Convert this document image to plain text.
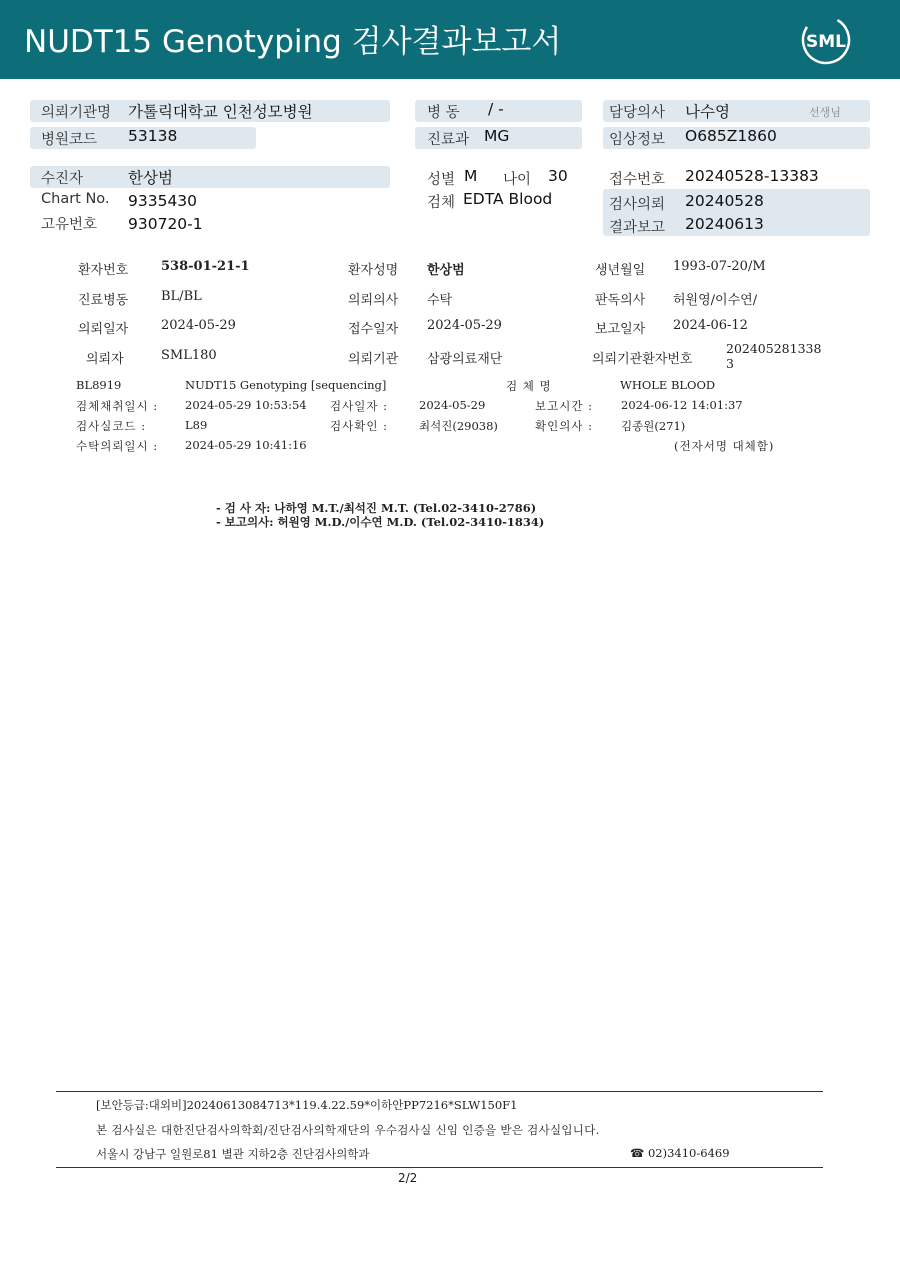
NUDT15 Genotyping 검사결과보고서	SML
의뢰기관명 가톨릭대학교 인천성모병원	병 동 / -	담당의사 나수영	선생님
병원코드 53138	진료과 MG	임상정보 O685Z1860
수진자	한상범	성별 M 나이 30	접수번호 20240528-13383
Chart No. 9335430	검체 EDTA Blood	검사의뢰 20240528
고유번호 930720-1	결과보고 20240613
환자번호	538-01-21-1	환자성명 한상범	생년월일 1993-07-20/M
진료병동	BL/BL	의뢰의사 수탁	판독의사 허원영/이수연/
의뢰일자	2024-05-29	접수일자 2024-05-29	보고일자 2024-06-12
의뢰자	SML180	의뢰기관 삼광의료재단	의뢰기관환자번호
202405281338
3
BL8919	NUDT15 Genotyping [sequencing]	검 체 명	WHOLE BLOOD
검체채취일시 : 2024-05-29 10:53:54 검사일자 :	2024-05-29	보고시간 : 2024-06-12 14:01:37
검사실코드 :	L89	검사확인 :	최석진(29038)	확인의사 : 김종원(271)
수탁의뢰일시 : 2024-05-29 10:41:16	(전자서명 대체함)
- 검 사 자: 나하영 M.T./최석진 M.T. (Tel.02-3410-2786)
- 보고의사: 허원영 M.D./이수연 M.D. (Tel.02-3410-1834)
[보안등급:대외비]20240613084713*119.4.22.59*이하안PP7216*SLW150F1
본 검사실은 대한진단검사의학회/진단검사의학재단의 우수검사실 신임 인증을 받은 검사실입니다.
서울시 강남구 일원로81 별관 지하2층 진단검사의학과	☎ 02)3410-6469
2/2
